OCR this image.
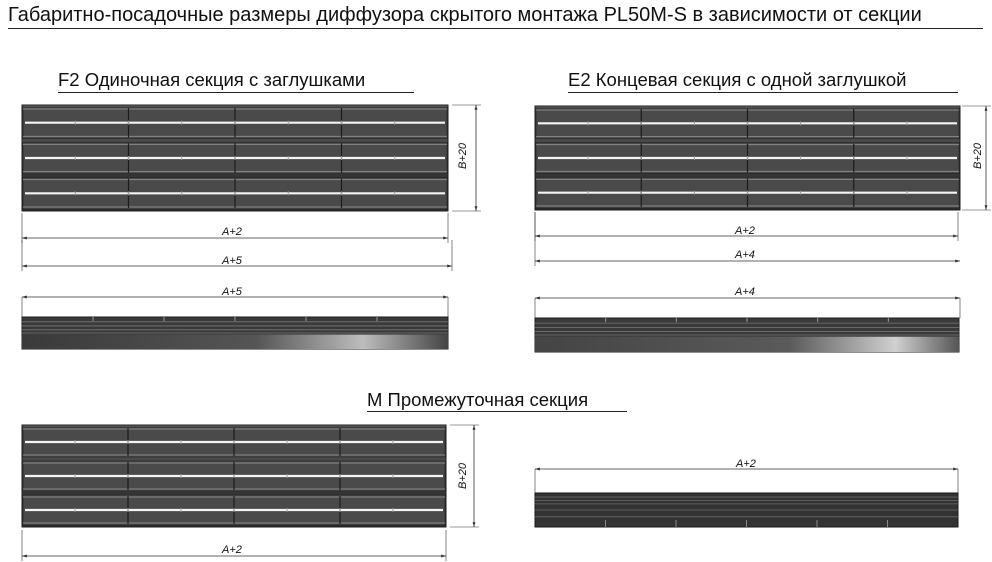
Габаритно-посадочные размеры диффузора скрытого монтажа PL50M-S в зависимости от секции
F2 Одиночная секция с заглушками	E2 Концевая секция с одной заглушкой
M Промежуточная секция
B+20
A+2
A+5
A+5
B+20
A+2
A+4
A+4
B+20
A+2
A+2
